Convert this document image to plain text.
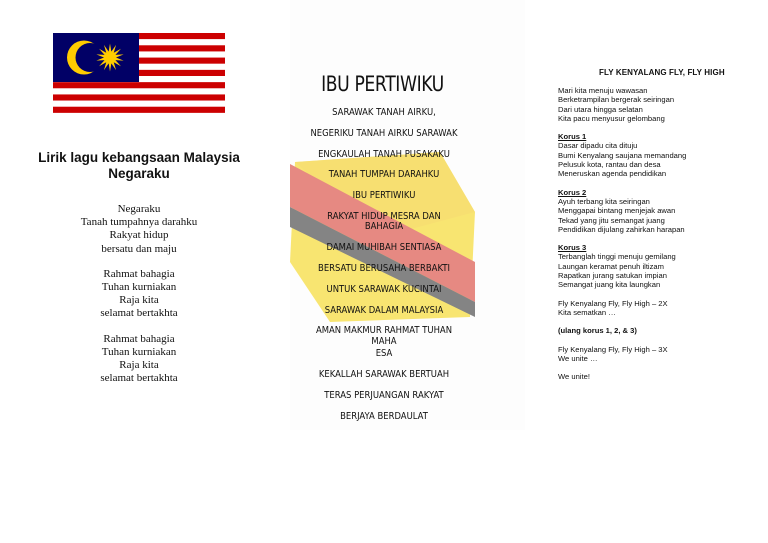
Lirik lagu kebangsaan Malaysia
Negaraku
Negaraku
Tanah tumpahnya darahku
Rakyat hidup
bersatu dan maju
Rahmat bahagia
Tuhan kurniakan
Raja kita
selamat bertakhta
Rahmat bahagia
Tuhan kurniakan
Raja kita
selamat bertakhta
IBU PERTIWIKU
SARAWAK TANAH AIRKU,
NEGERIKU TANAH AIRKU SARAWAK
ENGKAULAH TANAH PUSAKAKU
TANAH TUMPAH DARAHKU
IBU PERTIWIKU
RAKYAT HIDUP MESRA DAN BAHAGIA
DAMAI MUHIBAH SENTIASA
BERSATU BERUSAHA BERBAKTI
UNTUK SARAWAK KUCINTAI
SARAWAK DALAM MALAYSIA
AMAN MAKMUR RAHMAT TUHAN MAHA
ESA
KEKALLAH SARAWAK BERTUAH
TERAS PERJUANGAN RAKYAT
BERJAYA BERDAULAT
FLY KENYALANG FLY, FLY HIGH
Mari kita menuju wawasan
Berketrampilan bergerak seiringan
Dari utara hingga selatan
Kita pacu menyusur gelombang
Korus 1
Dasar dipadu cita dituju
Bumi Kenyalang saujana memandang
Pelusuk kota, rantau dan desa
Meneruskan agenda pendidikan
Korus 2
Ayuh terbang kita seiringan
Menggapai bintang menjejak awan
Tekad yang jitu semangat juang
Pendidikan dijulang zahirkan harapan
Korus 3
Terbanglah tinggi menuju gemilang
Laungan keramat penuh iltizam
Rapatkan jurang satukan impian
Semangat juang kita laungkan
Fly Kenyalang Fly, Fly High – 2X
Kita sematkan …
(ulang korus 1, 2, & 3)
Fly Kenyalang Fly, Fly High – 3X
We unite …
We unite!
